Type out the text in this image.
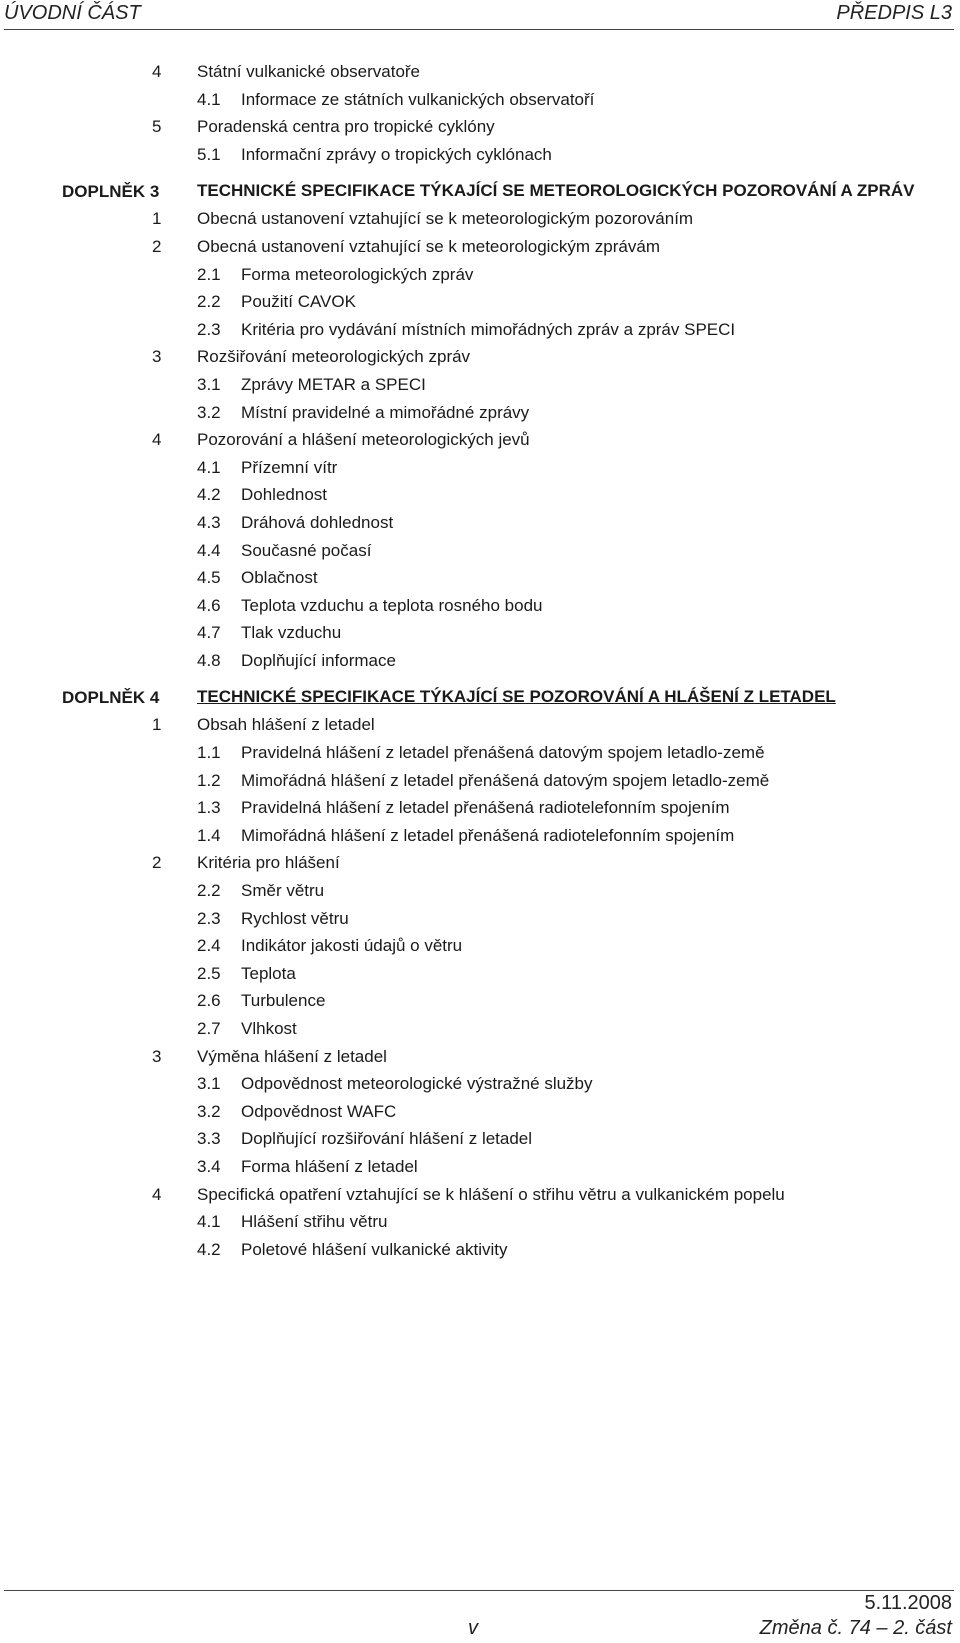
ÚVODNÍ ČÁST	PŘEDPIS L3
4 Státní vulkanické observatoře
4.1 Informace ze státních vulkanických observatoří
5 Poradenská centra pro tropické cyklóny
5.1 Informační zprávy o tropických cyklónach
DOPLNĚK 3 TECHNICKÉ SPECIFIKACE TÝKAJÍCÍ SE METEOROLOGICKÝCH POZOROVÁNÍ A ZPRÁV
1 Obecná ustanovení vztahující se k meteorologickým pozorováním
2 Obecná ustanovení vztahující se k meteorologickým zprávám
2.1 Forma meteorologických zpráv
2.2 Použití CAVOK
2.3 Kritéria pro vydávání místních mimořádných zpráv a zpráv SPECI
3 Rozšiřování meteorologických zpráv
3.1 Zprávy METAR a SPECI
3.2 Místní pravidelné a mimořádné zprávy
4 Pozorování a hlášení meteorologických jevů
4.1 Přízemní vítr
4.2 Dohlednost
4.3 Dráhová dohlednost
4.4 Současné počasí
4.5 Oblačnost
4.6 Teplota vzduchu a teplota rosného bodu
4.7 Tlak vzduchu
4.8 Doplňující informace
DOPLNĚK 4 TECHNICKÉ SPECIFIKACE TÝKAJÍCÍ SE POZOROVÁNÍ A HLÁŠENÍ Z LETADEL
1 Obsah hlášení z letadel
1.1 Pravidelná hlášení z letadel přenášená datovým spojem letadlo-země
1.2 Mimořádná hlášení z letadel přenášená datovým spojem letadlo-země
1.3 Pravidelná hlášení z letadel přenášená radiotelefonním spojením
1.4 Mimořádná hlášení z letadel přenášená radiotelefonním spojením
2 Kritéria pro hlášení
2.2 Směr větru
2.3 Rychlost větru
2.4 Indikátor jakosti údajů o větru
2.5 Teplota
2.6 Turbulence
2.7 Vlhkost
3 Výměna hlášení z letadel
3.1 Odpovědnost meteorologické výstražné služby
3.2 Odpovědnost WAFC
3.3 Doplňující rozšiřování hlášení z letadel
3.4 Forma hlášení z letadel
4 Specifická opatření vztahující se k hlášení o střihu větru a vulkanickém popelu
4.1 Hlášení střihu větru
4.2 Poletové hlášení vulkanické aktivity
5.11.2008
v	Změna č. 74 – 2. část
